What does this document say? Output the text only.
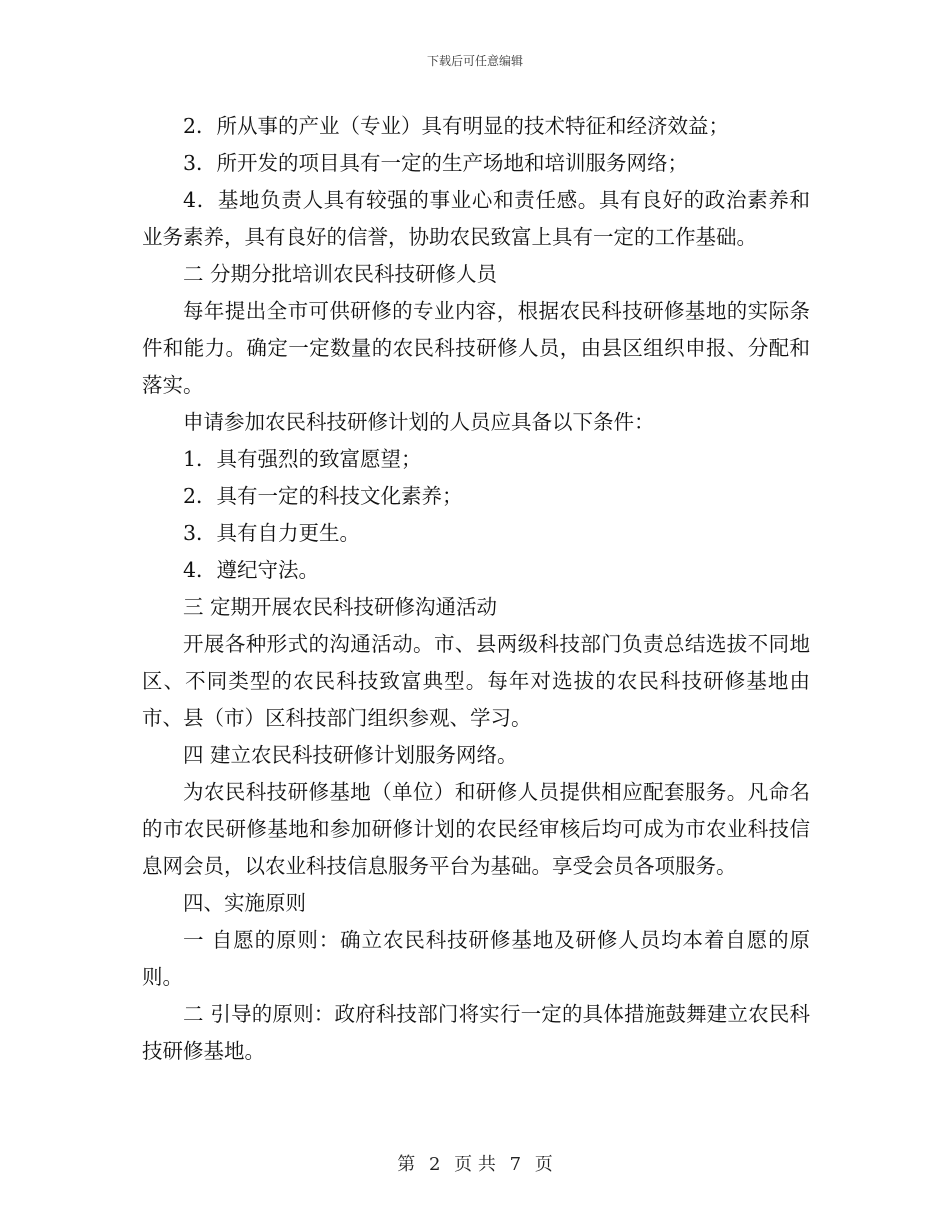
下载后可任意编辑

2．所从事的产业（专业）具有明显的技术特征和经济效益；

3．所开发的项目具有一定的生产场地和培训服务网络；

4．基地负责人具有较强的事业心和责任感。具有良好的政治素养和业务素养，具有良好的信誉，协助农民致富上具有一定的工作基础。

二 分期分批培训农民科技研修人员

每年提出全市可供研修的专业内容，根据农民科技研修基地的实际条件和能力。确定一定数量的农民科技研修人员，由县区组织申报、分配和落实。

申请参加农民科技研修计划的人员应具备以下条件：

1．具有强烈的致富愿望；

2．具有一定的科技文化素养；

3．具有自力更生。

4．遵纪守法。

三 定期开展农民科技研修沟通活动

开展各种形式的沟通活动。市、县两级科技部门负责总结选拔不同地区、不同类型的农民科技致富典型。每年对选拔的农民科技研修基地由市、县（市）区科技部门组织参观、学习。

四 建立农民科技研修计划服务网络。

为农民科技研修基地（单位）和研修人员提供相应配套服务。凡命名的市农民研修基地和参加研修计划的农民经审核后均可成为市农业科技信息网会员，以农业科技信息服务平台为基础。享受会员各项服务。

四、实施原则

一 自愿的原则：确立农民科技研修基地及研修人员均本着自愿的原则。

二 引导的原则：政府科技部门将实行一定的具体措施鼓舞建立农民科技研修基地。

第 2 页 共 7 页
